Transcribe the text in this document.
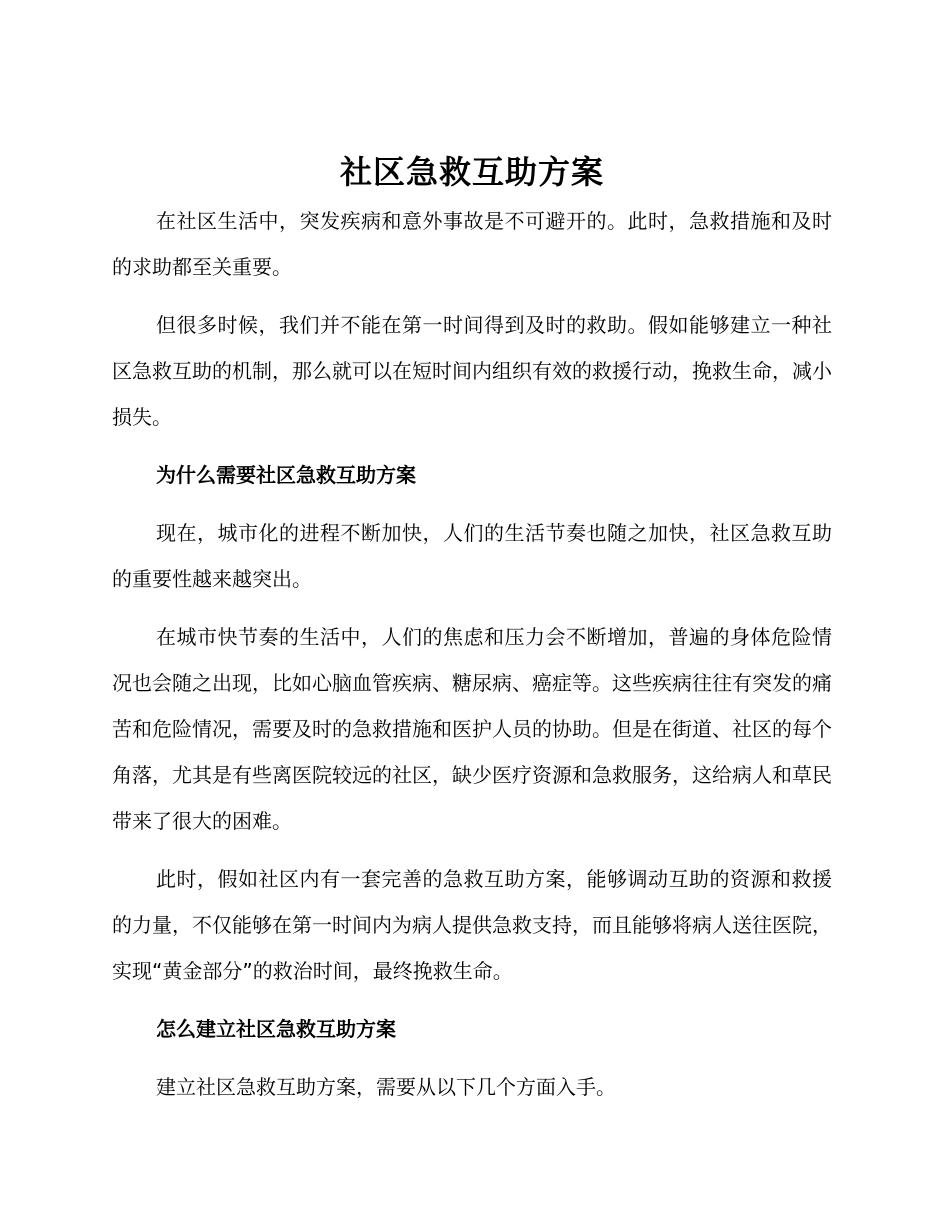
社区急救互助方案

在社区生活中，突发疾病和意外事故是不可避开的。此时，急救措施和及时的求助都至关重要。

但很多时候，我们并不能在第一时间得到及时的救助。假如能够建立一种社区急救互助的机制，那么就可以在短时间内组织有效的救援行动，挽救生命，减小损失。

为什么需要社区急救互助方案

现在，城市化的进程不断加快，人们的生活节奏也随之加快，社区急救互助的重要性越来越突出。

在城市快节奏的生活中，人们的焦虑和压力会不断增加，普遍的身体危险情况也会随之出现，比如心脑血管疾病、糖尿病、癌症等。这些疾病往往有突发的痛苦和危险情况，需要及时的急救措施和医护人员的协助。但是在街道、社区的每个角落，尤其是有些离医院较远的社区，缺少医疗资源和急救服务，这给病人和草民带来了很大的困难。

此时，假如社区内有一套完善的急救互助方案，能够调动互助的资源和救援的力量，不仅能够在第一时间内为病人提供急救支持，而且能够将病人送往医院，实现“黄金部分”的救治时间，最终挽救生命。

怎么建立社区急救互助方案

建立社区急救互助方案，需要从以下几个方面入手。
